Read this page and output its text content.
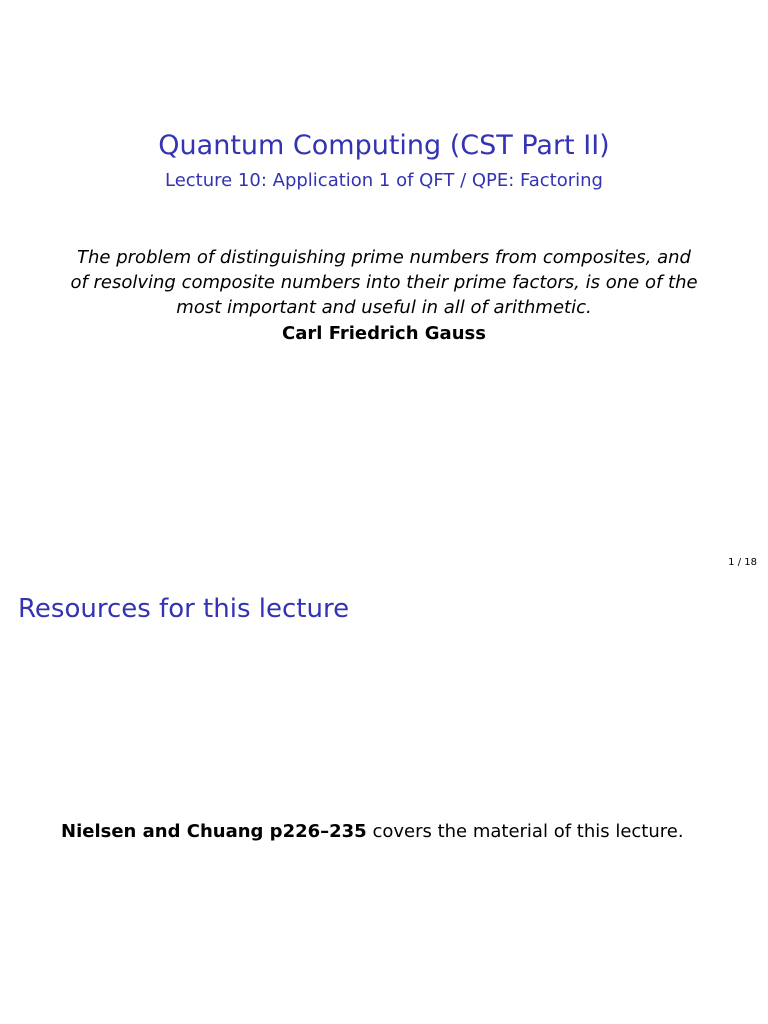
Quantum Computing (CST Part II)
Lecture 10: Application 1 of QFT / QPE: Factoring
The problem of distinguishing prime numbers from composites, and
of resolving composite numbers into their prime factors, is one of the
most important and useful in all of arithmetic.
Carl Friedrich Gauss
1 / 18
Resources for this lecture
Nielsen and Chuang p226–235 covers the material of this lecture.
